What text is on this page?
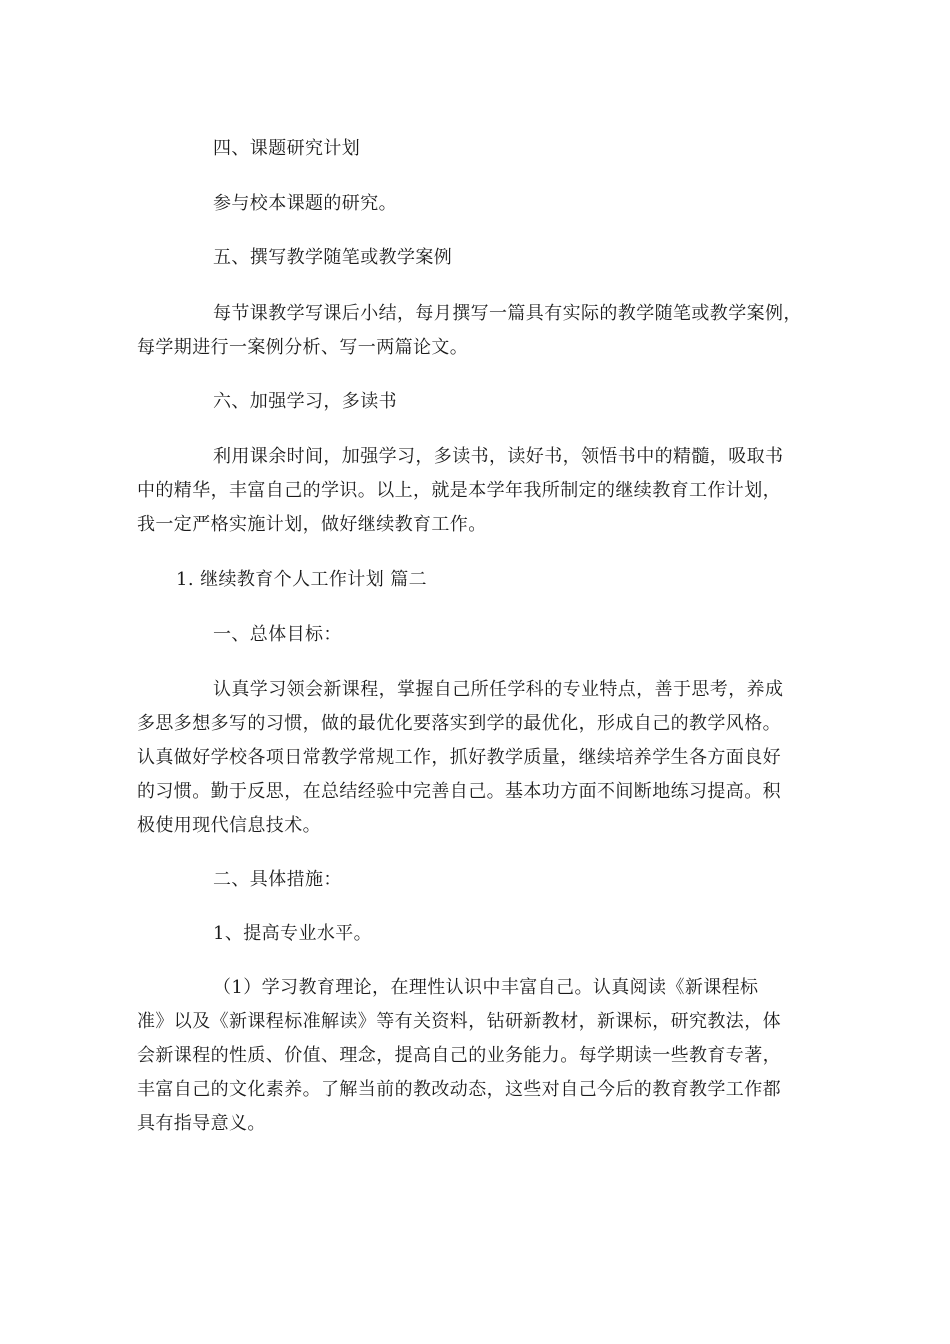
四、课题研究计划
参与校本课题的研究。
五、撰写教学随笔或教学案例
每节课教学写课后小结，每月撰写一篇具有实际的教学随笔或教学案例，
每学期进行一案例分析、写一两篇论文。
六、加强学习，多读书
利用课余时间，加强学习，多读书，读好书，领悟书中的精髓，吸取书
中的精华，丰富自己的学识。以上，就是本学年我所制定的继续教育工作计划，
我一定严格实施计划，做好继续教育工作。
1. 继续教育个人工作计划 篇二
一、总体目标：
认真学习领会新课程，掌握自己所任学科的专业特点，善于思考，养成
多思多想多写的习惯，做的最优化要落实到学的最优化，形成自己的教学风格。
认真做好学校各项日常教学常规工作，抓好教学质量，继续培养学生各方面良好
的习惯。勤于反思，在总结经验中完善自己。基本功方面不间断地练习提高。积
极使用现代信息技术。
二、具体措施：
1、提高专业水平。
（1）学习教育理论，在理性认识中丰富自己。认真阅读《新课程标
准》以及《新课程标准解读》等有关资料，钻研新教材，新课标，研究教法，体
会新课程的性质、价值、理念，提高自己的业务能力。每学期读一些教育专著，
丰富自己的文化素养。了解当前的教改动态，这些对自己今后的教育教学工作都
具有指导意义。
